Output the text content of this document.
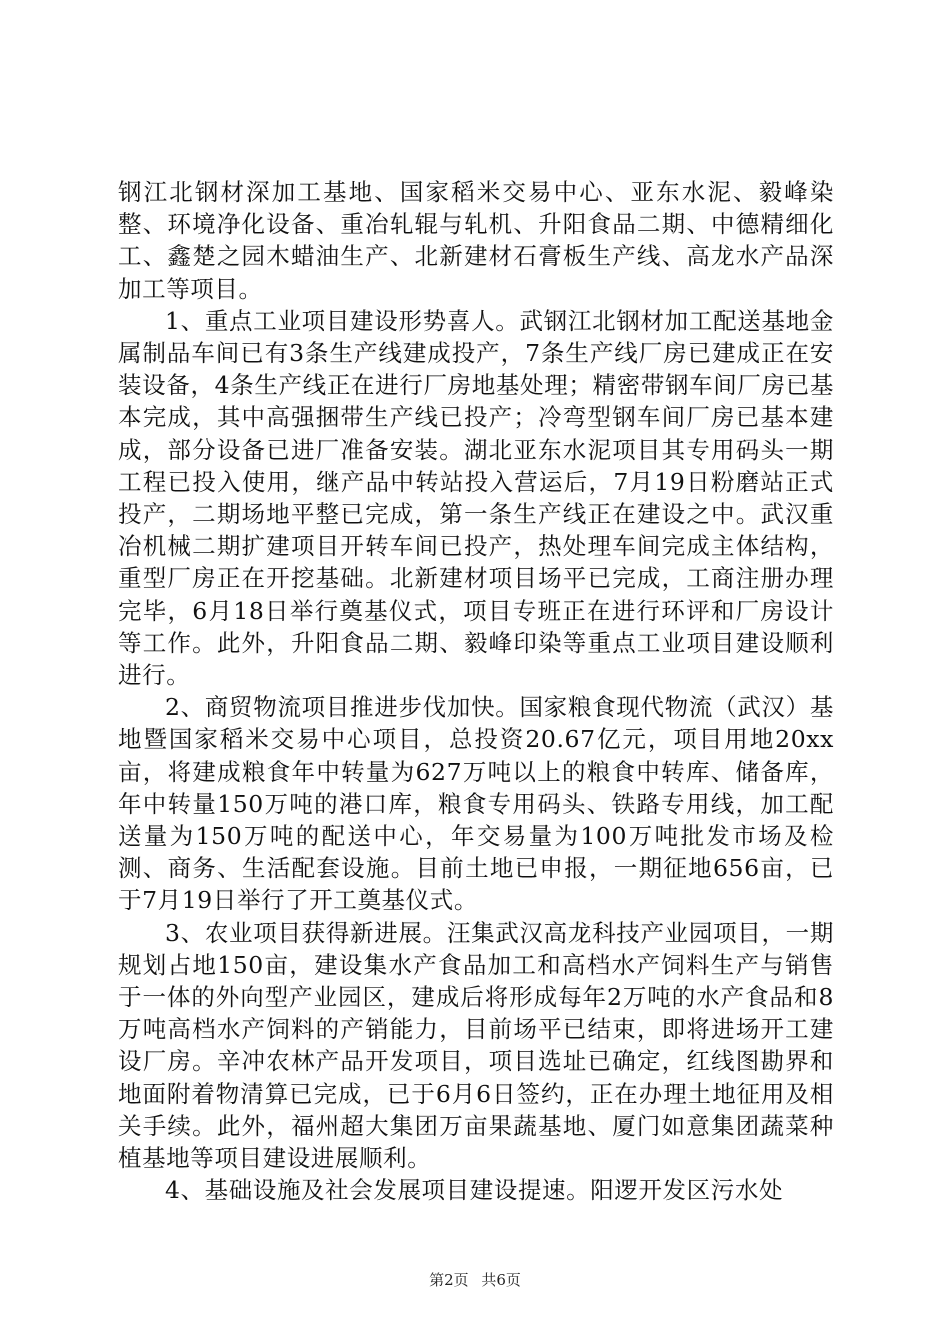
钢江北钢材深加工基地、国家稻米交易中心、亚东水泥、毅峰染整、环境净化设备、重冶轧辊与轧机、升阳食品二期、中德精细化工、鑫楚之园木蜡油生产、北新建材石膏板生产线、高龙水产品深加工等项目。

1、重点工业项目建设形势喜人。武钢江北钢材加工配送基地金属制品车间已有3条生产线建成投产，7条生产线厂房已建成正在安装设备，4条生产线正在进行厂房地基处理；精密带钢车间厂房已基本完成，其中高强捆带生产线已投产；冷弯型钢车间厂房已基本建成，部分设备已进厂准备安装。湖北亚东水泥项目其专用码头一期工程已投入使用，继产品中转站投入营运后，7月19日粉磨站正式投产，二期场地平整已完成，第一条生产线正在建设之中。武汉重冶机械二期扩建项目开转车间已投产，热处理车间完成主体结构，重型厂房正在开挖基础。北新建材项目场平已完成，工商注册办理完毕，6月18日举行奠基仪式，项目专班正在进行环评和厂房设计等工作。此外，升阳食品二期、毅峰印染等重点工业项目建设顺利进行。

2、商贸物流项目推进步伐加快。国家粮食现代物流（武汉）基地暨国家稻米交易中心项目，总投资20.67亿元，项目用地20xx亩，将建成粮食年中转量为627万吨以上的粮食中转库、储备库，年中转量150万吨的港口库，粮食专用码头、铁路专用线，加工配送量为150万吨的配送中心，年交易量为100万吨批发市场及检测、商务、生活配套设施。目前土地已申报，一期征地656亩，已于7月19日举行了开工奠基仪式。

3、农业项目获得新进展。汪集武汉高龙科技产业园项目，一期规划占地150亩，建设集水产食品加工和高档水产饲料生产与销售于一体的外向型产业园区，建成后将形成每年2万吨的水产食品和8万吨高档水产饲料的产销能力，目前场平已结束，即将进场开工建设厂房。辛冲农林产品开发项目，项目选址已确定，红线图勘界和地面附着物清算已完成，已于6月6日签约，正在办理土地征用及相关手续。此外，福州超大集团万亩果蔬基地、厦门如意集团蔬菜种植基地等项目建设进展顺利。

4、基础设施及社会发展项目建设提速。阳逻开发区污水处

第2页 共6页
